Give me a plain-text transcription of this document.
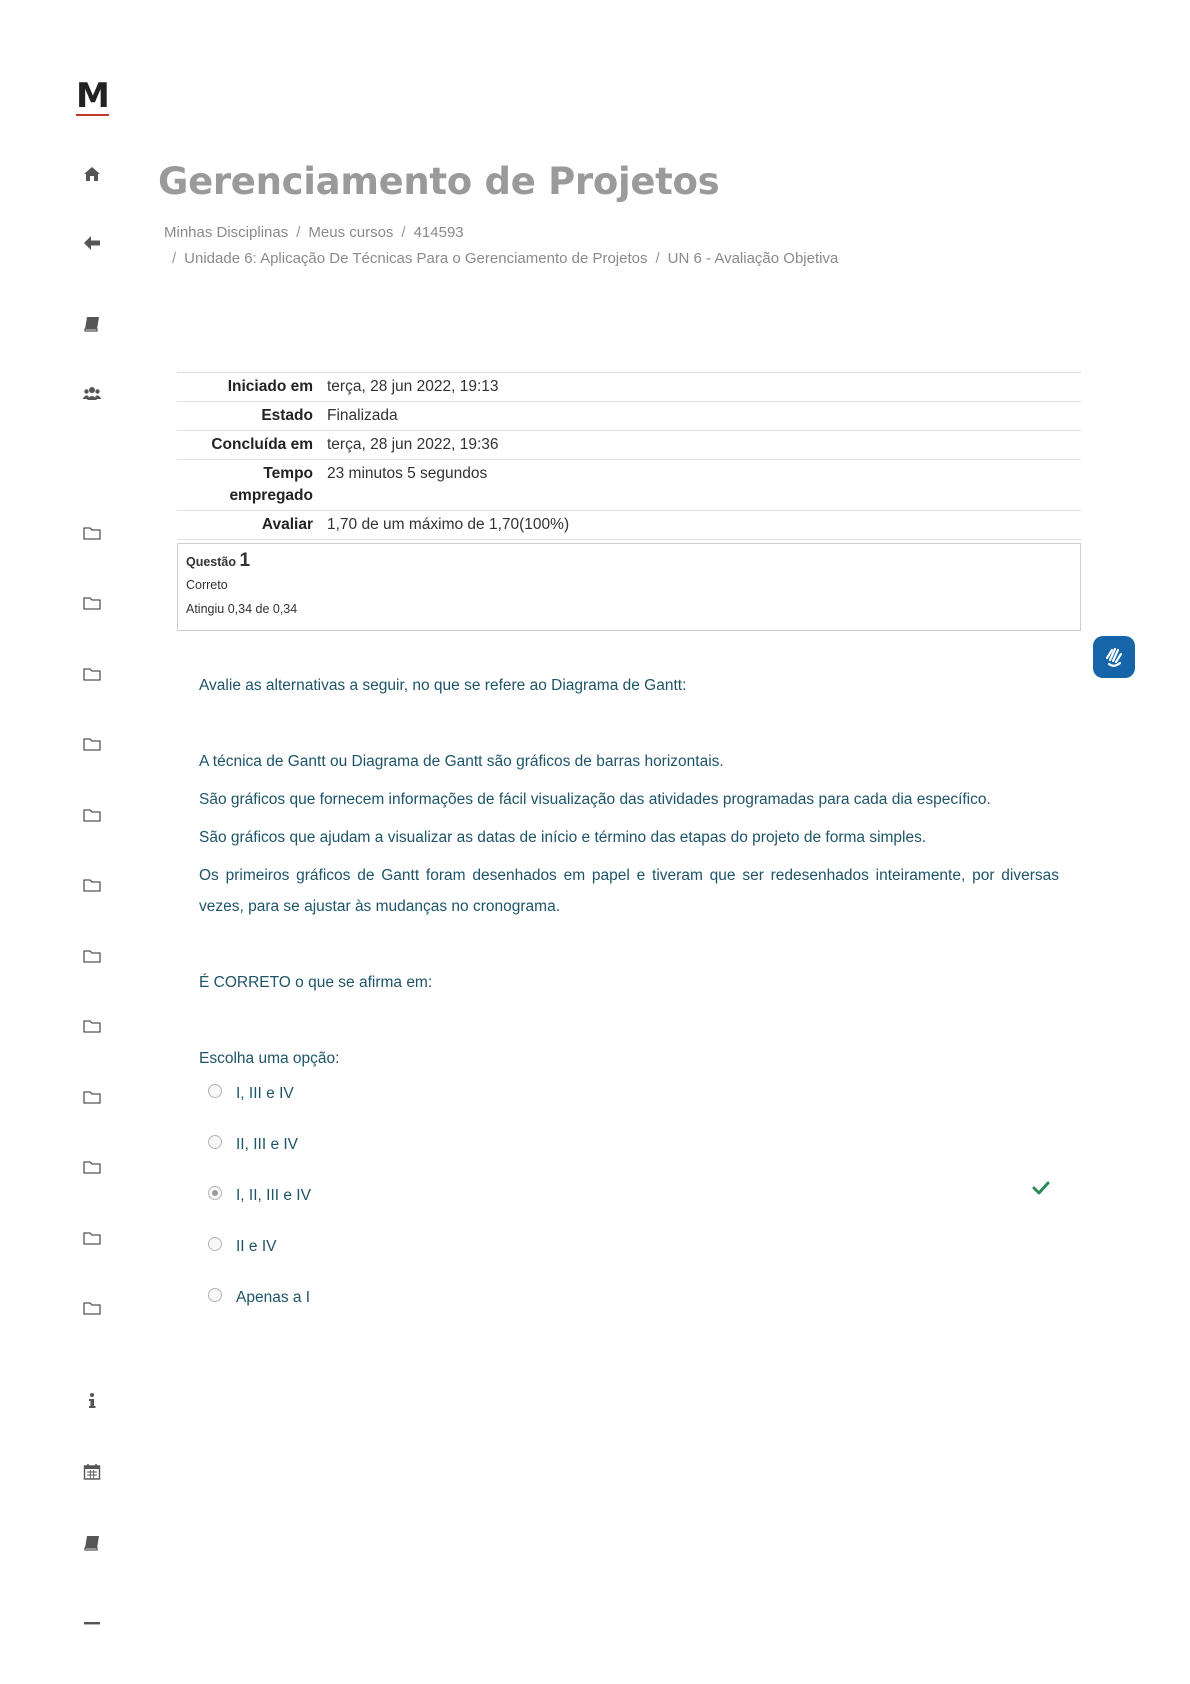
M
Gerenciamento de Projetos
Minhas Disciplinas / Meus cursos / 414593
/ Unidade 6: Aplicação De Técnicas Para o Gerenciamento de Projetos / UN 6 - Avaliação Objetiva
Iniciado em	terça, 28 jun 2022, 19:13
Estado	Finalizada
Concluída em	terça, 28 jun 2022, 19:36
Tempo empregado	23 minutos 5 segundos
Avaliar	1,70 de um máximo de 1,70(100%)
Questão 1
Correto
Atingiu 0,34 de 0,34

Avalie as alternativas a seguir, no que se refere ao Diagrama de Gantt:

A técnica de Gantt ou Diagrama de Gantt são gráficos de barras horizontais.

São gráficos que fornecem informações de fácil visualização das atividades programadas para cada dia específico.

São gráficos que ajudam a visualizar as datas de início e término das etapas do projeto de forma simples.

Os primeiros gráficos de Gantt foram desenhados em papel e tiveram que ser redesenhados inteiramente, por diversas vezes, para se ajustar às mudanças no cronograma.

É CORRETO o que se afirma em:

Escolha uma opção:
I, III e IV
II, III e IV
I, II, III e IV
II e IV
Apenas a I
